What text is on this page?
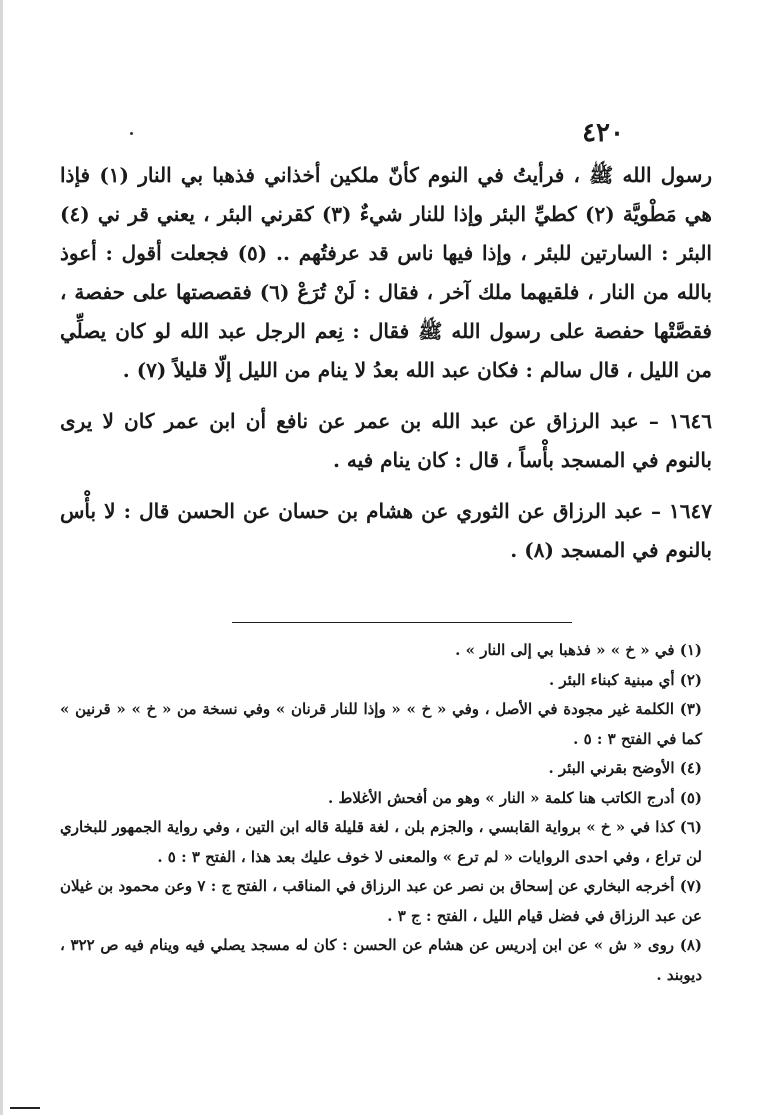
٤٢٠

رسول الله ﷺ ، فرأيتُ في النوم كأنّ ملكين أخذاني فذهبا بي النار (١) فإذا هي مَطْويَّة (٢) كطيِّ البئر وإذا للنار شيءٌ (٣) كقرني البئر ، يعني قر ني (٤) البئر : السارتين للبئر ، وإذا فيها ناس قد عرفتُهم .. (٥) فجعلت أقول : أعوذ بالله من النار ، فلقيهما ملك آخر ، فقال : لَنْ تُرَعْ (٦) فقصصتها على حفصة ، فقصَّتْها حفصة على رسول الله ﷺ فقال : نِعم الرجل عبد الله لو كان يصلِّي من الليل ، قال سالم : فكان عبد الله بعدُ لا ينام من الليل إلّا قليلاً (٧) .

١٦٤٦ – عبد الرزاق عن عبد الله بن عمر عن نافع أن ابن عمر كان لا يرى بالنوم في المسجد بأْساً ، قال : كان ينام فيه .

١٦٤٧ – عبد الرزاق عن الثوري عن هشام بن حسان عن الحسن قال : لا بأْس بالنوم في المسجد (٨) .

(١) في « خ » « فذهبا بي إلى النار » .

(٢) أي مبنية كبناء البئر .

(٣) الكلمة غير مجودة في الأصل ، وفي « خ » « وإذا للنار قرنان » وفي نسخة من « خ » « قرنين » كما في الفتح ٣ : ٥ .

(٤) الأوضح بقرني البئر .

(٥) أدرج الكاتب هنا كلمة « النار » وهو من أفحش الأغلاط .

(٦) كذا في « خ » برواية القابسي ، والجزم بلن ، لغة قليلة قاله ابن التين ، وفي رواية الجمهور للبخاري لن تراع ، وفي احدى الروايات « لم ترع » والمعنى لا خوف عليك بعد هذا ، الفتح ٣ : ٥ .

(٧) أخرجه البخاري عن إسحاق بن نصر عن عبد الرزاق في المناقب ، الفتح ج : ٧ وعن محمود بن غيلان عن عبد الرزاق في فضل قيام الليل ، الفتح : ج ٣ .

(٨) روى « ش » عن ابن إدريس عن هشام عن الحسن : كان له مسجد يصلي فيه وينام فيه ص ٣٢٢ ، ديوبند .
